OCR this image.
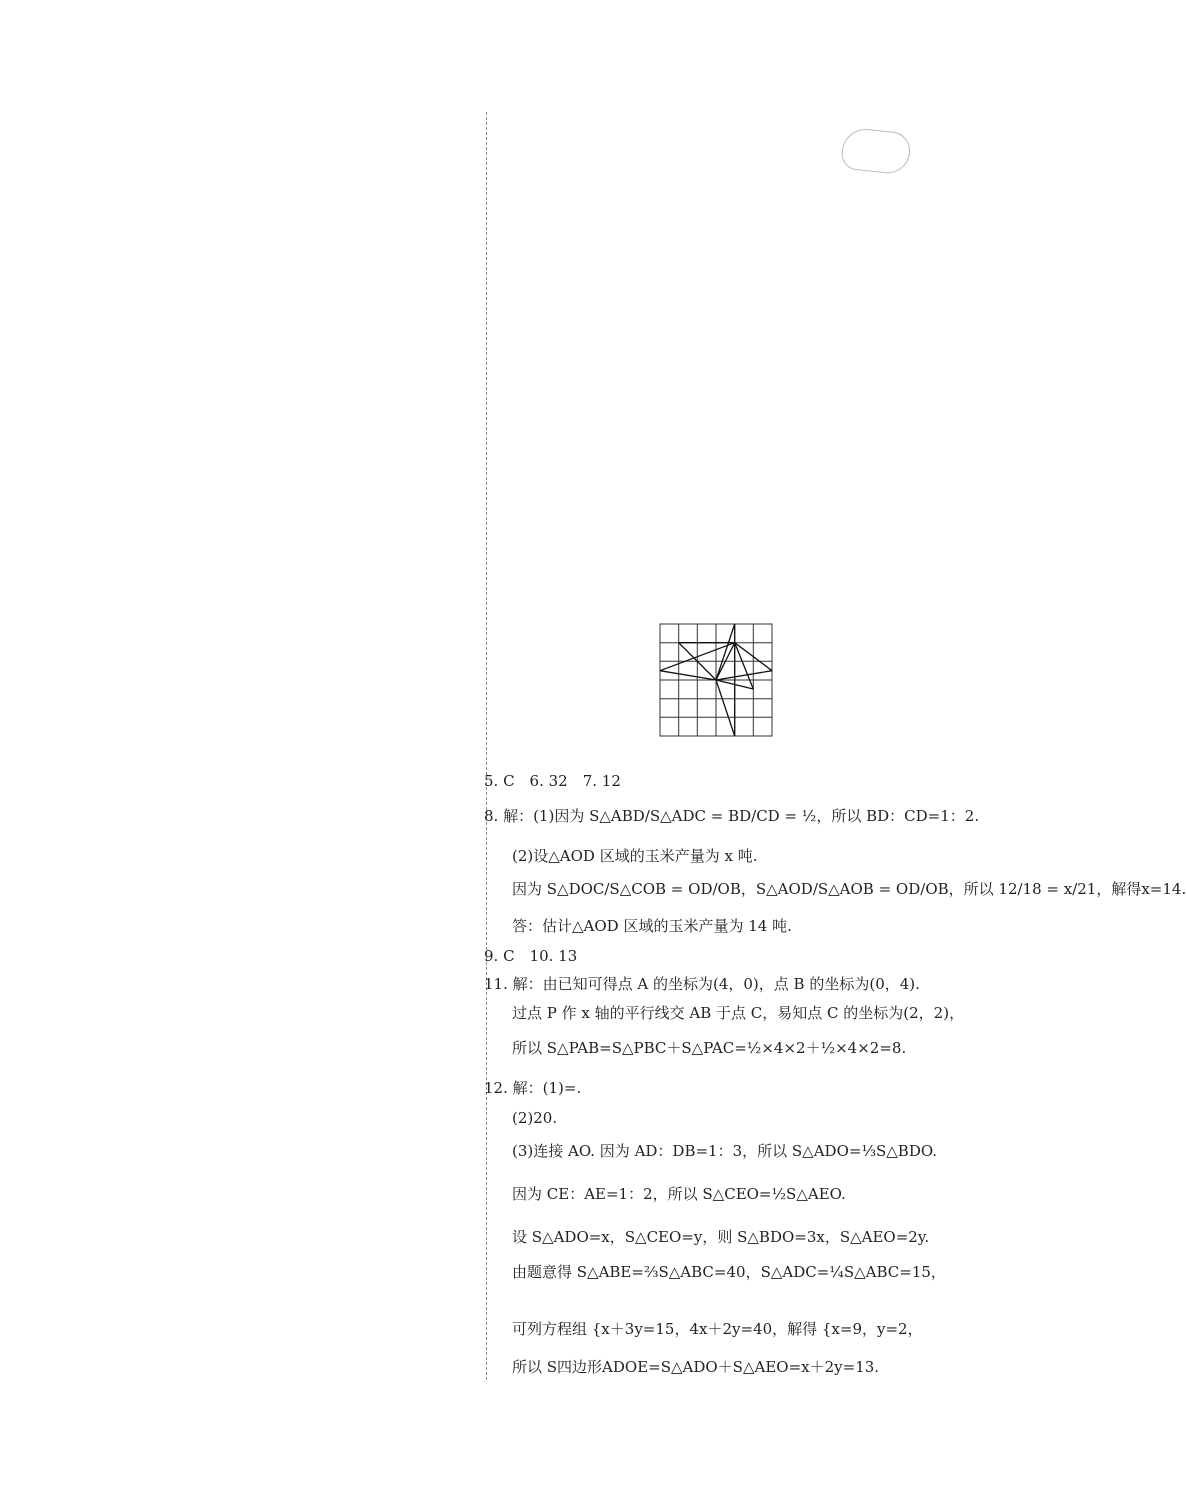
5. C　6. 32　7. 12
8. 解：(1)因为 S△ABD/S△ADC = BD/CD = ½，所以 BD：CD=1：2.
(2)设△AOD 区域的玉米产量为 x 吨.
因为 S△DOC/S△COB = OD/OB，S△AOD/S△AOB = OD/OB，所以 12/18 = x/21，解得x=14.
答：估计△AOD 区域的玉米产量为 14 吨.
9. C　10. 13
11. 解：由已知可得点 A 的坐标为(4，0)，点 B 的坐标为(0，4).
过点 P 作 x 轴的平行线交 AB 于点 C，易知点 C 的坐标为(2，2)，
所以 S△PAB=S△PBC＋S△PAC=½×4×2＋½×4×2=8.
12. 解：(1)=.
(2)20.
(3)连接 AO. 因为 AD：DB=1：3，所以 S△ADO=⅓S△BDO.
因为 CE：AE=1：2，所以 S△CEO=½S△AEO.
设 S△ADO=x，S△CEO=y，则 S△BDO=3x，S△AEO=2y.
由题意得 S△ABE=⅔S△ABC=40，S△ADC=¼S△ABC=15，
可列方程组 {x＋3y=15，4x＋2y=40，解得 {x=9，y=2，
所以 S四边形ADOE=S△ADO＋S△AEO=x＋2y=13.
